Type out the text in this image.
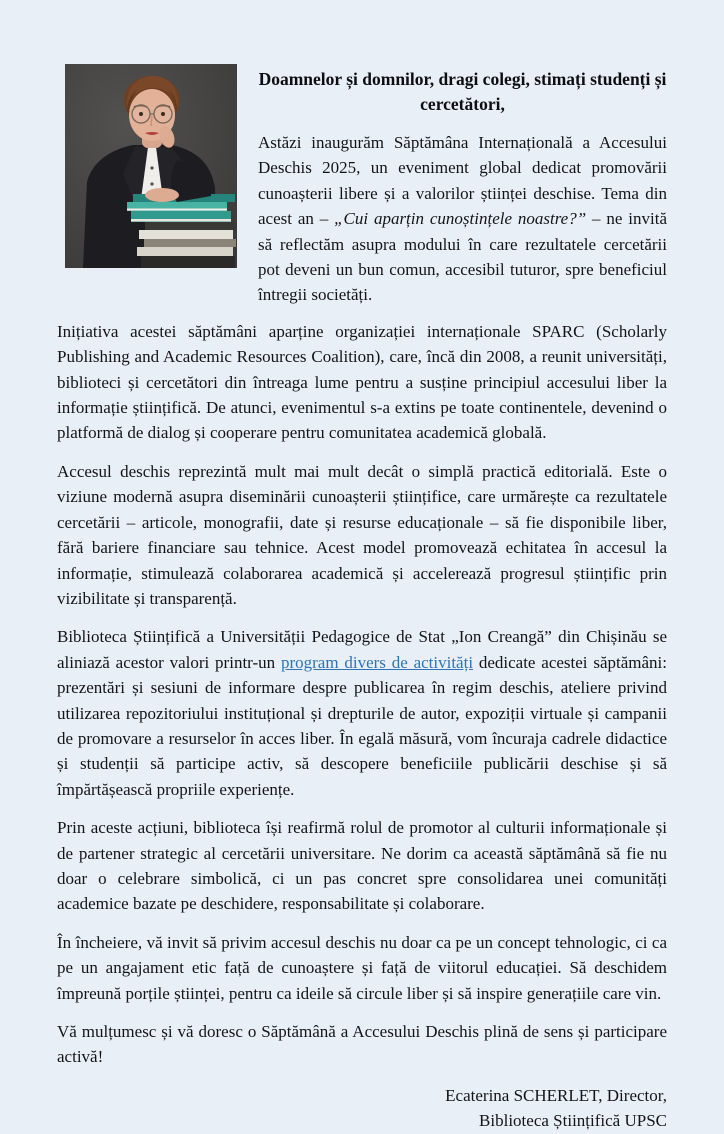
Doamnelor și domnilor, dragi colegi, stimați studenți și cercetători,

Astăzi inaugurăm Săptămâna Internațională a Accesului Deschis 2025, un eveniment global dedicat promovării cunoașterii libere și a valorilor științei deschise. Tema din acest an – „Cui aparțin cunoștințele noastre?” – ne invită să reflectăm asupra modului în care rezultatele cercetării pot deveni un bun comun, accesibil tuturor, spre beneficiul întregii societăți.

Inițiativa acestei săptămâni aparține organizației internaționale SPARC (Scholarly Publishing and Academic Resources Coalition), care, încă din 2008, a reunit universități, biblioteci și cercetători din întreaga lume pentru a susține principiul accesului liber la informație științifică. De atunci, evenimentul s-a extins pe toate continentele, devenind o platformă de dialog și cooperare pentru comunitatea academică globală.

Accesul deschis reprezintă mult mai mult decât o simplă practică editorială. Este o viziune modernă asupra diseminării cunoașterii științifice, care urmărește ca rezultatele cercetării – articole, monografii, date și resurse educaționale – să fie disponibile liber, fără bariere financiare sau tehnice. Acest model promovează echitatea în accesul la informație, stimulează colaborarea academică și accelerează progresul științific prin vizibilitate și transparență.

Biblioteca Științifică a Universității Pedagogice de Stat „Ion Creangă” din Chișinău se aliniază acestor valori printr-un program divers de activități dedicate acestei săptămâni: prezentări și sesiuni de informare despre publicarea în regim deschis, ateliere privind utilizarea repozitoriului instituțional și drepturile de autor, expoziții virtuale și campanii de promovare a resurselor în acces liber. În egală măsură, vom încuraja cadrele didactice și studenții să participe activ, să descopere beneficiile publicării deschise și să împărtășească propriile experiențe.

Prin aceste acțiuni, biblioteca își reafirmă rolul de promotor al culturii informaționale și de partener strategic al cercetării universitare. Ne dorim ca această săptămână să fie nu doar o celebrare simbolică, ci un pas concret spre consolidarea unei comunități academice bazate pe deschidere, responsabilitate și colaborare.

În încheiere, vă invit să privim accesul deschis nu doar ca pe un concept tehnologic, ci ca pe un angajament etic față de cunoaștere și față de viitorul educației. Să deschidem împreună porțile științei, pentru ca ideile să circule liber și să inspire generațiile care vin.

Vă mulțumesc și vă doresc o Săptămână a Accesului Deschis plină de sens și participare activă!

Ecaterina SCHERLET, Director,
Biblioteca Științifică UPSC
